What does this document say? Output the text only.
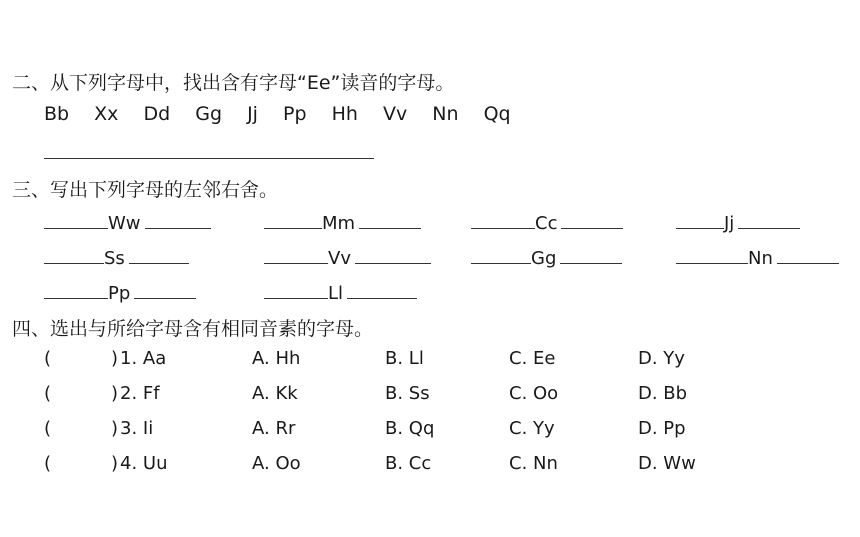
二、从下列字母中，找出含有字母“Ee”读音的字母。
Bb Xx Dd Gg Jj Pp Hh Vv Nn Qq
三、写出下列字母的左邻右舍。
Ww	Mm	Cc	Jj
Ss	Vv	Gg	Nn
Pp	Ll
四、选出与所给字母含有相同音素的字母。
(	) 1. Aa	A. Hh	B. Ll	C. Ee	D. Yy
(	) 2. Ff	A. Kk	B. Ss	C. Oo	D. Bb
(	) 3. Ii	A. Rr	B. Qq	C. Yy	D. Pp
(	) 4. Uu	A. Oo	B. Cc	C. Nn	D. Ww
